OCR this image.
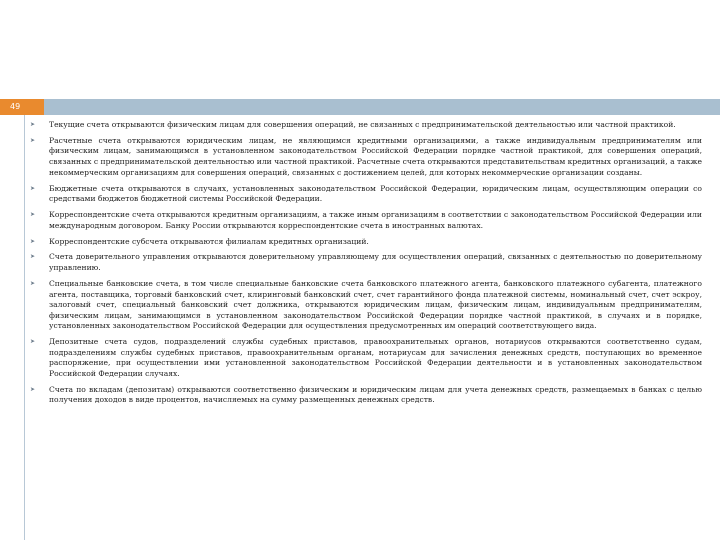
49
➤ Текущие счета открываются физическим лицам для совершения операций, не связанных с предпринимательской деятельностью или частной практикой.
➤ Расчетные счета открываются юридическим лицам, не являющимся кредитными организациями, а также индивидуальным предпринимателям или физическим лицам, занимающимся в установленном законодательством Российской Федерации порядке частной практикой, для совершения операций, связанных с предпринимательской деятельностью или частной практикой. Расчетные счета открываются представительствам кредитных организаций, а также некоммерческим организациям для совершения операций, связанных с достижением целей, для которых некоммерческие организации созданы.
➤ Бюджетные счета открываются в случаях, установленных законодательством Российской Федерации, юридическим лицам, осуществляющим операции со средствами бюджетов бюджетной системы Российской Федерации.
➤ Корреспондентские счета открываются кредитным организациям, а также иным организациям в соответствии с законодательством Российской Федерации или международным договором. Банку России открываются корреспондентские счета в иностранных валютах.
➤ Корреспондентские субсчета открываются филиалам кредитных организаций.
➤ Счета доверительного управления открываются доверительному управляющему для осуществления операций, связанных с деятельностью по доверительному управлению.
➤ Специальные банковские счета, в том числе специальные банковские счета банковского платежного агента, банковского платежного субагента, платежного агента, поставщика, торговый банковский счет, клиринговый банковский счет, счет гарантийного фонда платежной системы, номинальный счет, счет эскроу, залоговый счет, специальный банковский счет должника, открываются юридическим лицам, физическим лицам, индивидуальным предпринимателям, физическим лицам, занимающимся в установленном законодательством Российской Федерации порядке частной практикой, в случаях и в порядке, установленных законодательством Российской Федерации для осуществления предусмотренных им операций соответствующего вида.
➤ Депозитные счета судов, подразделений службы судебных приставов, правоохранительных органов, нотариусов открываются соответственно судам, подразделениям службы судебных приставов, правоохранительным органам, нотариусам для зачисления денежных средств, поступающих во временное распоряжение, при осуществлении ими установленной законодательством Российской Федерации деятельности и в установленных законодательством Российской Федерации случаях.
➤ Счета по вкладам (депозитам) открываются соответственно физическим и юридическим лицам для учета денежных средств, размещаемых в банках с целью получения доходов в виде процентов, начисляемых на сумму размещенных денежных средств.
